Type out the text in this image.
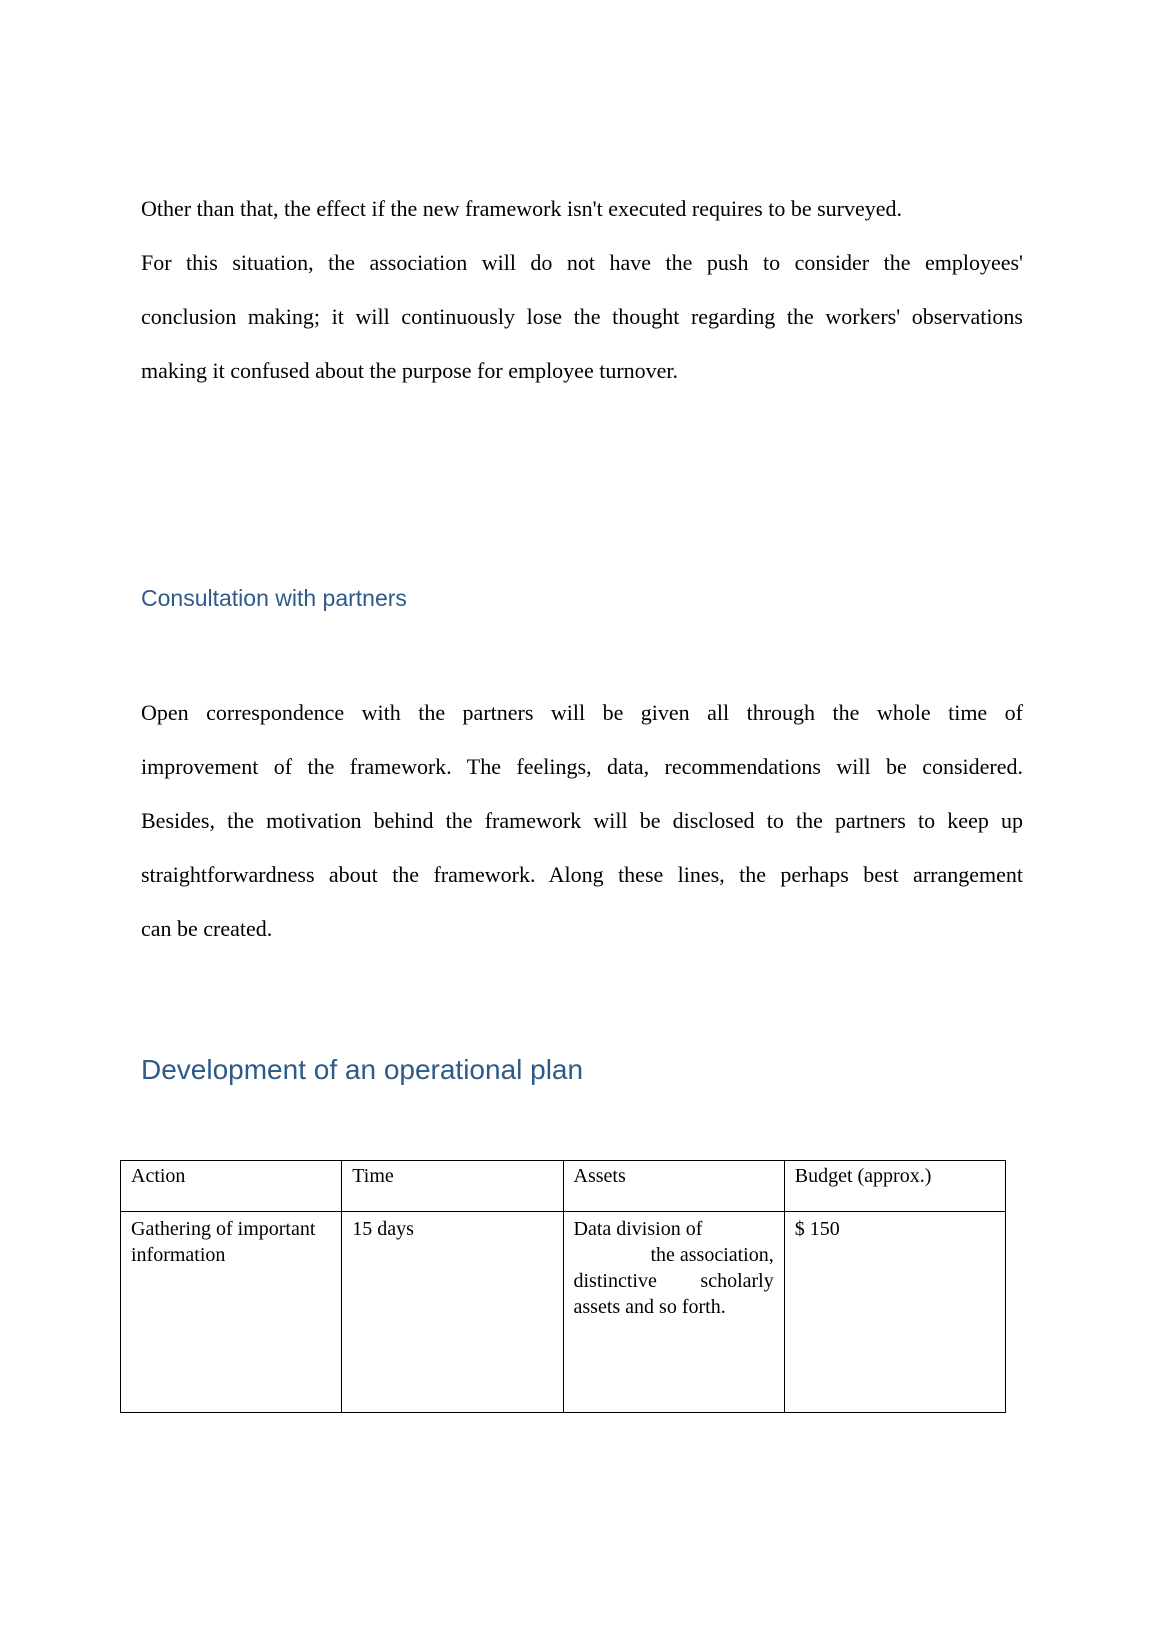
Other than that, the effect if the new framework isn't executed requires to be surveyed.
For this situation, the association will do not have the push to consider the employees'
conclusion making; it will continuously lose the thought regarding the workers' observations
making it confused about the purpose for employee turnover.
Consultation with partners
Open correspondence with the partners will be given all through the whole time of
improvement of the framework. The feelings, data, recommendations will be considered.
Besides, the motivation behind the framework will be disclosed to the partners to keep up
straightforwardness about the framework. Along these lines, the perhaps best arrangement
can be created.
Development of an operational plan
Action	Time	Assets	Budget (approx.)
Gathering of important information	15 days	Data division of
the association,
distinctive scholarly
assets and so forth.	$ 150
